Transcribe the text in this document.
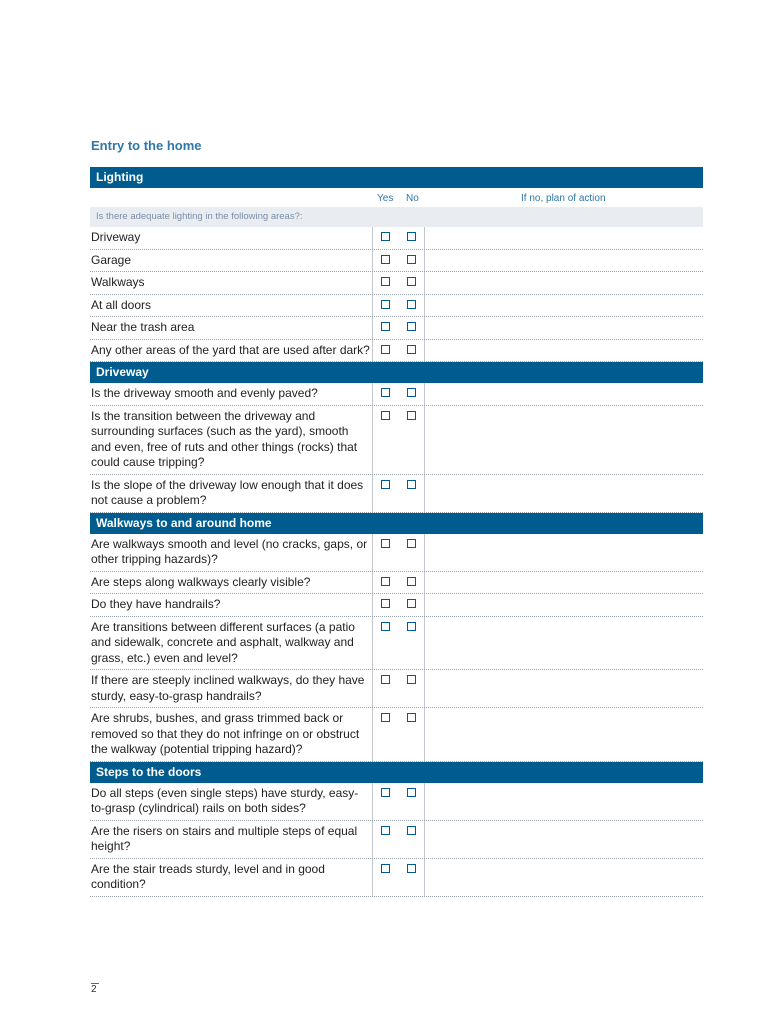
Entry to the home
Lighting
Yes No	If no, plan of action
Is there adequate lighting in the following areas?:
Driveway
Garage
Walkways
At all doors
Near the trash area
Any other areas of the yard that are used after dark?
Driveway
Is the driveway smooth and evenly paved?
Is the transition between the driveway and surrounding surfaces (such as the yard), smooth and even, free of ruts and other things (rocks) that could cause tripping?
Is the slope of the driveway low enough that it does not cause a problem?
Walkways to and around home
Are walkways smooth and level (no cracks, gaps, or other tripping hazards)?
Are steps along walkways clearly visible?
Do they have handrails?
Are transitions between different surfaces (a patio and sidewalk, concrete and asphalt, walkway and grass, etc.) even and level?
If there are steeply inclined walkways, do they have sturdy, easy-to-grasp handrails?
Are shrubs, bushes, and grass trimmed back or removed so that they do not infringe on or obstruct the walkway (potential tripping hazard)?
Steps to the doors
Do all steps (even single steps) have sturdy, easy-to-grasp (cylindrical) rails on both sides?
Are the risers on stairs and multiple steps of equal height?
Are the stair treads sturdy, level and in good condition?
2
